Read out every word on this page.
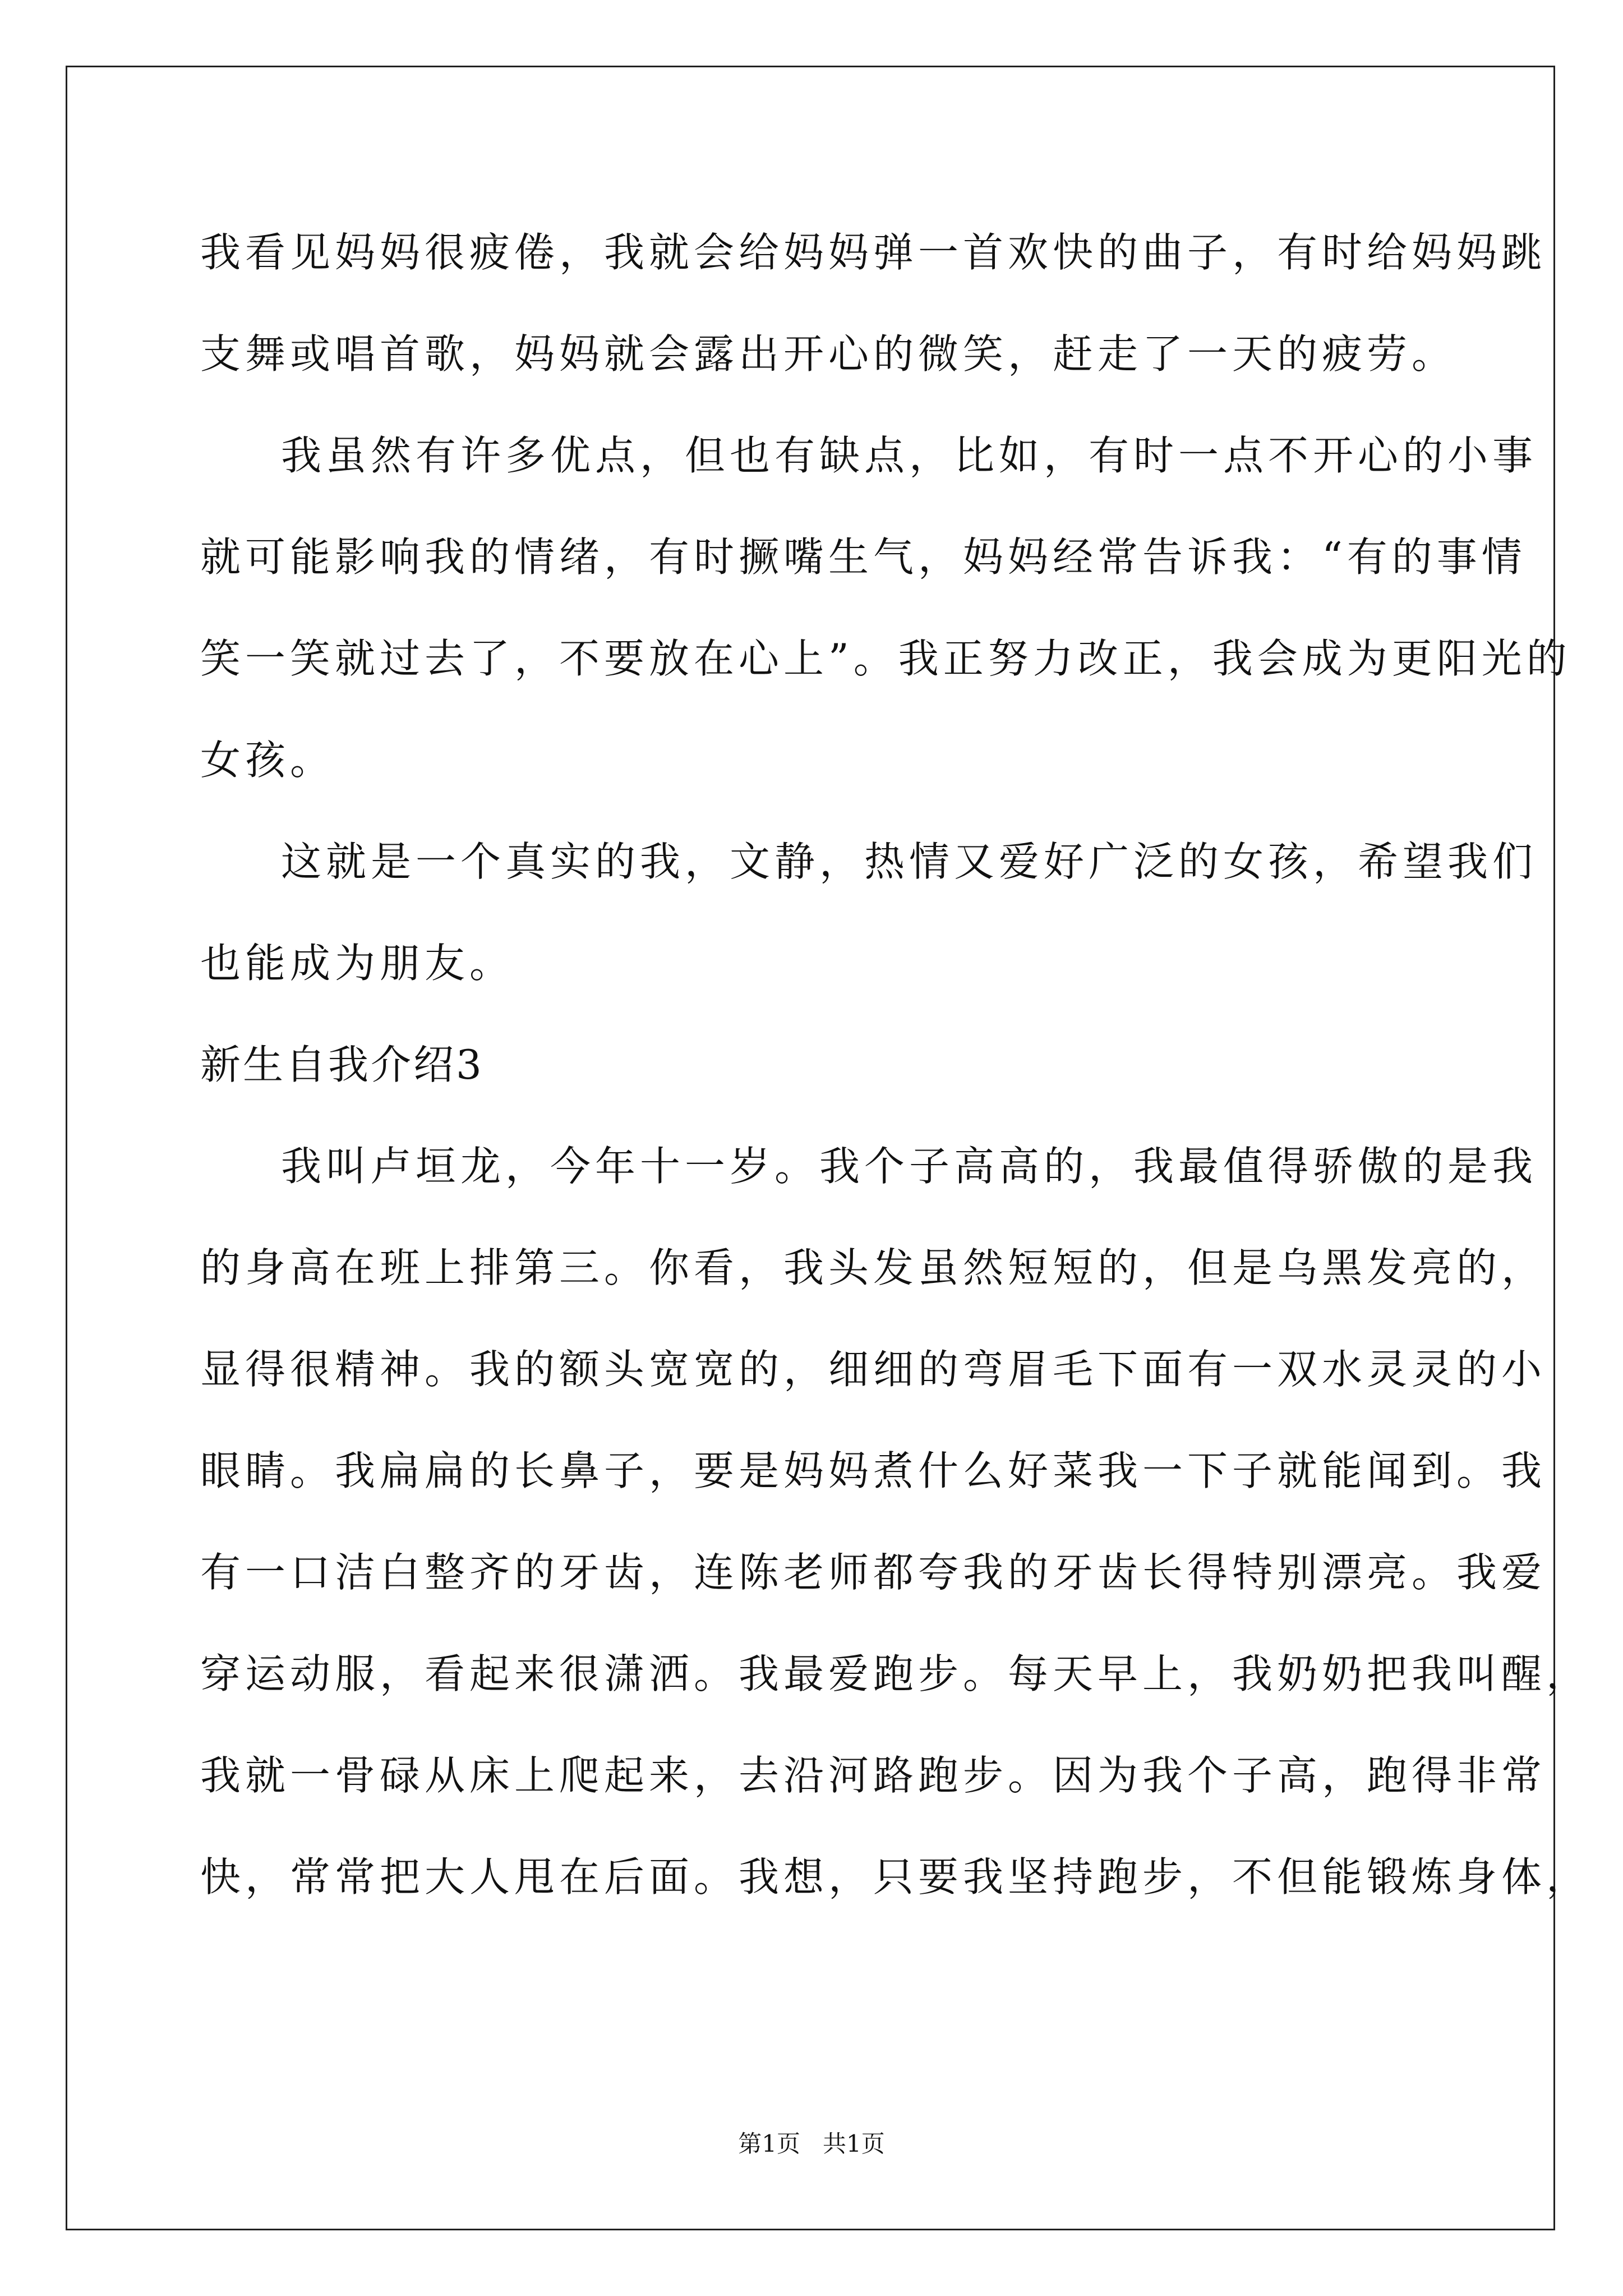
我看见妈妈很疲倦，我就会给妈妈弹一首欢快的曲子，有时给妈妈跳
支舞或唱首歌，妈妈就会露出开心的微笑，赶走了一天的疲劳。
我虽然有许多优点，但也有缺点，比如，有时一点不开心的小事
就可能影响我的情绪，有时撅嘴生气，妈妈经常告诉我：“有的事情
笑一笑就过去了，不要放在心上”。我正努力改正，我会成为更阳光的
女孩。
这就是一个真实的我，文静，热情又爱好广泛的女孩，希望我们
也能成为朋友。
新生自我介绍3
我叫卢垣龙，今年十一岁。我个子高高的，我最值得骄傲的是我
的身高在班上排第三。你看，我头发虽然短短的，但是乌黑发亮的，
显得很精神。我的额头宽宽的，细细的弯眉毛下面有一双水灵灵的小
眼睛。我扁扁的长鼻子，要是妈妈煮什么好菜我一下子就能闻到。我
有一口洁白整齐的牙齿，连陈老师都夸我的牙齿长得特别漂亮。我爱
穿运动服，看起来很潇洒。我最爱跑步。每天早上，我奶奶把我叫醒，
我就一骨碌从床上爬起来，去沿河路跑步。因为我个子高，跑得非常
快，常常把大人甩在后面。我想，只要我坚持跑步，不但能锻炼身体，
第1页 共1页
